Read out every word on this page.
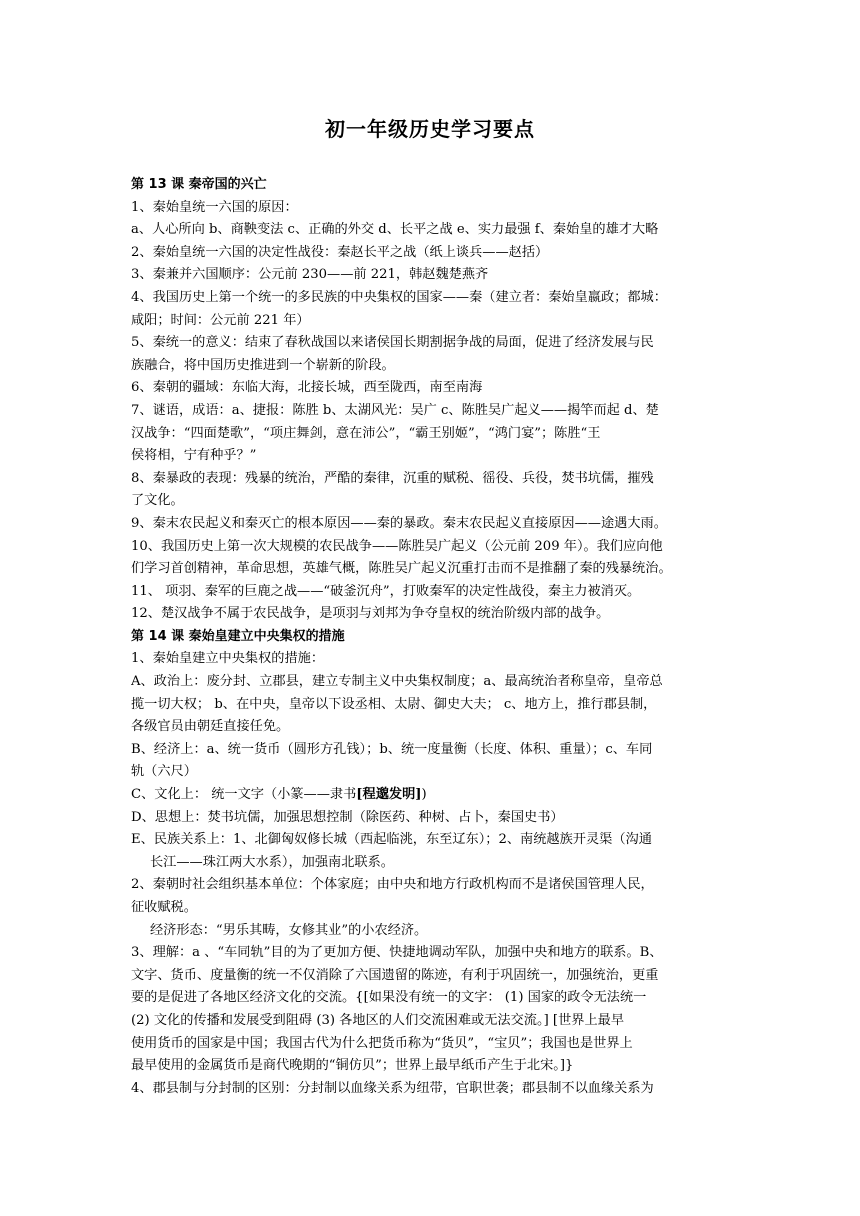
初一年级历史学习要点
第 13 课 秦帝国的兴亡
1、秦始皇统一六国的原因：
a、人心所向 b、商鞅变法 c、正确的外交 d、长平之战 e、实力最强 f、秦始皇的雄才大略
2、秦始皇统一六国的决定性战役：秦赵长平之战（纸上谈兵——赵括）
3、秦兼并六国顺序：公元前 230——前 221，韩赵魏楚燕齐
4、我国历史上第一个统一的多民族的中央集权的国家——秦（建立者：秦始皇嬴政；都城：
咸阳；时间：公元前 221 年）
5、秦统一的意义：结束了春秋战国以来诸侯国长期割据争战的局面，促进了经济发展与民
族融合，将中国历史推进到一个崭新的阶段。
6、秦朝的疆域：东临大海，北接长城，西至陇西，南至南海
7、谜语，成语：a、捷报：陈胜 b、太湖风光：吴广 c、陈胜吴广起义——揭竿而起 d、楚
汉战争：“四面楚歌”，“项庄舞剑，意在沛公”，“霸王别姬”，“鸿门宴”；陈胜“王
侯将相，宁有种乎？”
8、秦暴政的表现：残暴的统治，严酷的秦律，沉重的赋税、徭役、兵役，焚书坑儒，摧残
了文化。
9、秦末农民起义和秦灭亡的根本原因——秦的暴政。秦末农民起义直接原因——途遇大雨。
10、我国历史上第一次大规模的农民战争——陈胜吴广起义（公元前 209 年）。我们应向他
们学习首创精神，革命思想，英雄气概，陈胜吴广起义沉重打击而不是推翻了秦的残暴统治。
11、 项羽、秦军的巨鹿之战——“破釜沉舟”，打败秦军的决定性战役，秦主力被消灭。
12、楚汉战争不属于农民战争，是项羽与刘邦为争夺皇权的统治阶级内部的战争。
第 14 课 秦始皇建立中央集权的措施
1、秦始皇建立中央集权的措施：
A、政治上：废分封、立郡县，建立专制主义中央集权制度；a、最高统治者称皇帝，皇帝总
揽一切大权； b、在中央，皇帝以下设丞相、太尉、御史大夫； c、地方上，推行郡县制，
各级官员由朝廷直接任免。
B、经济上：a、统一货币（圆形方孔钱）；b、统一度量衡（长度、体积、重量）；c、车同
轨（六尺）
C、文化上： 统一文字（小篆——隶书[程邈发明])
D、思想上：焚书坑儒，加强思想控制（除医药、种树、占卜，秦国史书）
E、民族关系上：1、北御匈奴修长城（西起临洮，东至辽东）；2、南统越族开灵渠（沟通
长江——珠江两大水系），加强南北联系。
2、秦朝时社会组织基本单位：个体家庭；由中央和地方行政机构而不是诸侯国管理人民，
征收赋税。
经济形态：“男乐其畴，女修其业”的小农经济。
3、理解：a 、“车同轨”目的为了更加方便、快捷地调动军队，加强中央和地方的联系。B、
文字、货币、度量衡的统一不仅消除了六国遗留的陈迹，有利于巩固统一，加强统治，更重
要的是促进了各地区经济文化的交流。{[如果没有统一的文字： (1) 国家的政令无法统一
(2) 文化的传播和发展受到阻碍 (3) 各地区的人们交流困难或无法交流。] [世界上最早
使用货币的国家是中国；我国古代为什么把货币称为“货贝”，“宝贝”；我国也是世界上
最早使用的金属货币是商代晚期的“铜仿贝”；世界上最早纸币产生于北宋。]}
4、郡县制与分封制的区别：分封制以血缘关系为纽带，官职世袭；郡县制不以血缘关系为
